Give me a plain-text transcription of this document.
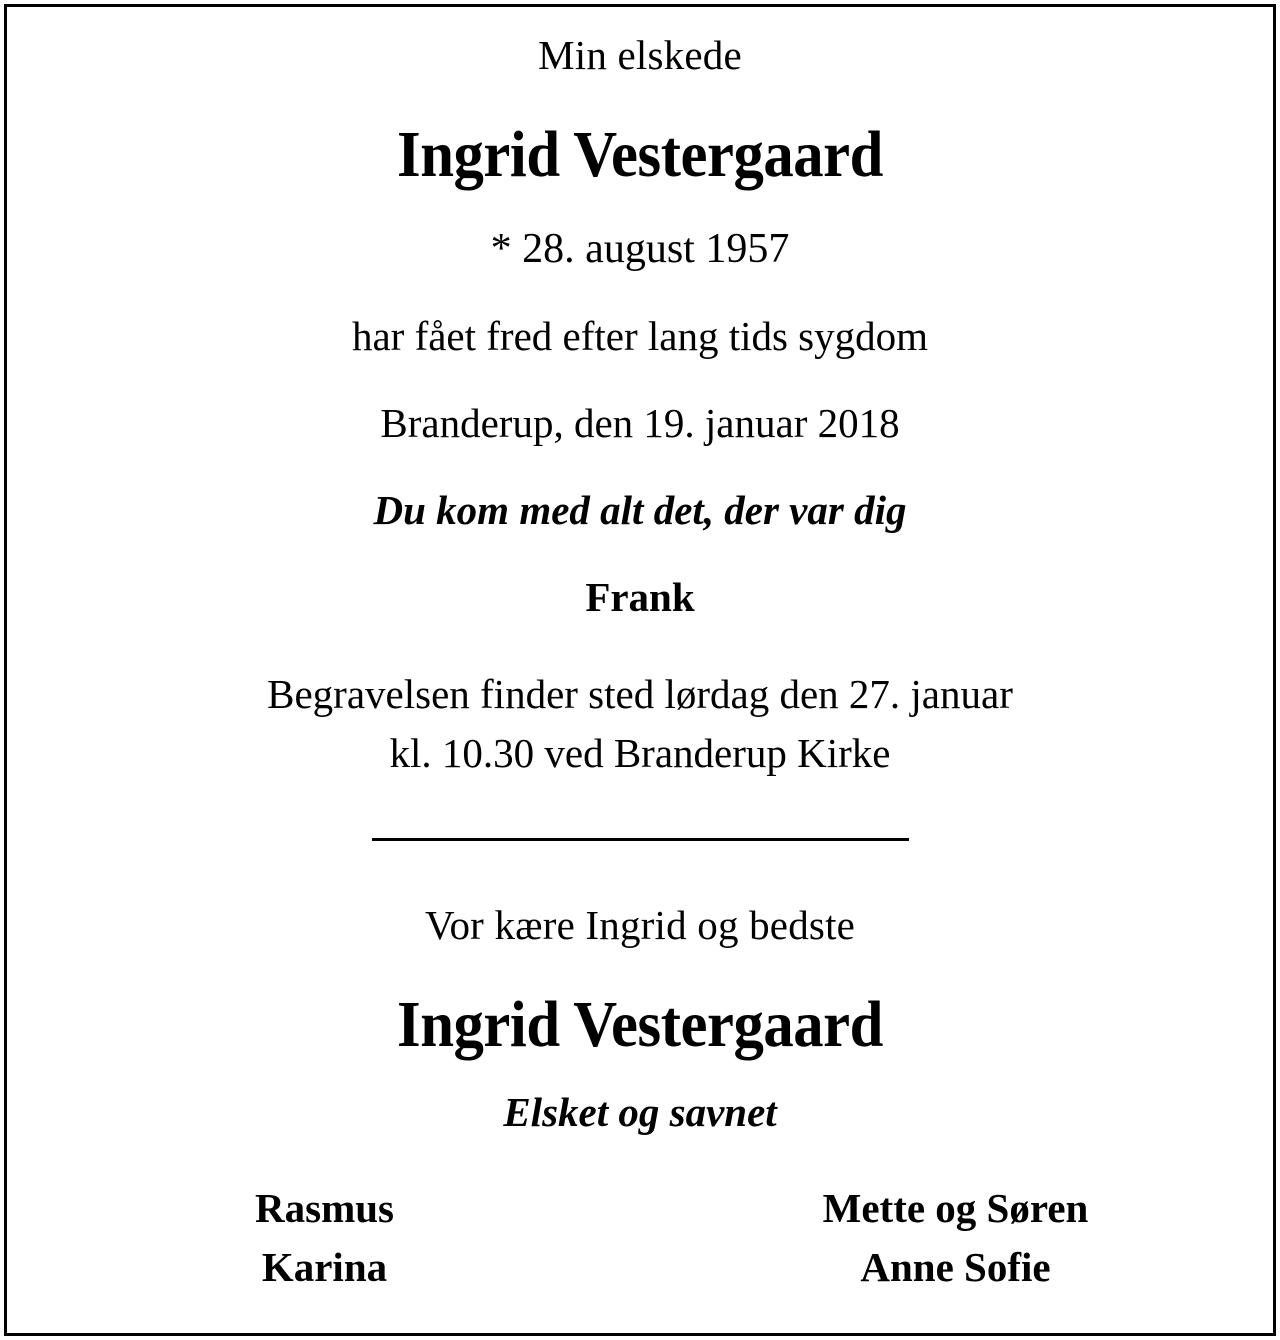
Min elskede
Ingrid Vestergaard
* 28. august 1957
har fået fred efter lang tids sygdom
Branderup, den 19. januar 2018
Du kom med alt det, der var dig
Frank
Begravelsen finder sted lørdag den 27. januar
kl. 10.30 ved Branderup Kirke
Vor kære Ingrid og bedste
Ingrid Vestergaard
Elsket og savnet
Rasmus
Karina
Mette og Søren
Anne Sofie
